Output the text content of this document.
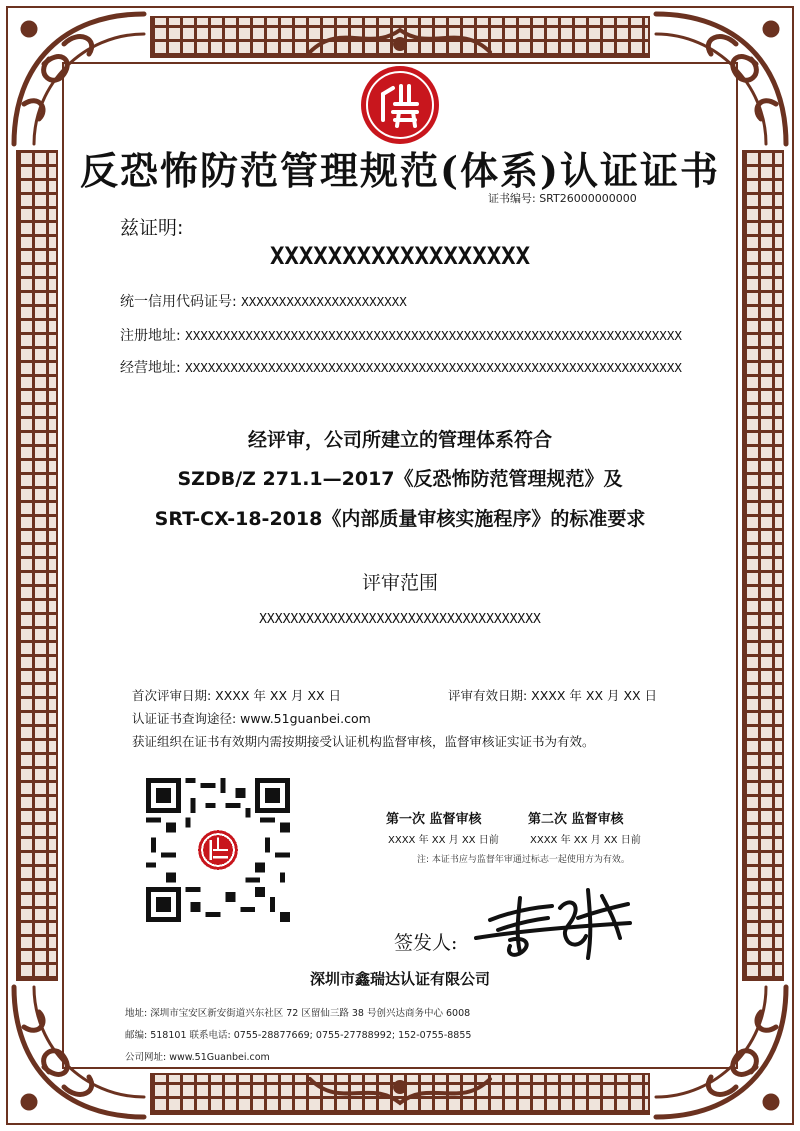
反恐怖防范管理规范(体系)认证证书
证书编号: SRT26000000000
兹证明:
XXXXXXXXXXXXXXXXXX
统一信用代码证号: XXXXXXXXXXXXXXXXXXXXXX
注册地址: XXXXXXXXXXXXXXXXXXXXXXXXXXXXXXXXXXXXXXXXXXXXXXXXXXXXXXXXXXXXXXXXXX
经营地址: XXXXXXXXXXXXXXXXXXXXXXXXXXXXXXXXXXXXXXXXXXXXXXXXXXXXXXXXXXXXXXXXXX
经评审，公司所建立的管理体系符合
SZDB/Z 271.1—2017《反恐怖防范管理规范》及
SRT-CX-18-2018《内部质量审核实施程序》的标准要求
评审范围
XXXXXXXXXXXXXXXXXXXXXXXXXXXXXXXXXXXX
首次评审日期: XXXX 年 XX 月 XX 日	评审有效日期: XXXX 年 XX 月 XX 日
认证证书查询途径: www.51guanbei.com
获证组织在证书有效期内需按期接受认证机构监督审核，监督审核证实证书为有效。
第一次 监督审核	第二次 监督审核
XXXX 年 XX 月 XX 日前	XXXX 年 XX 月 XX 日前
注: 本证书应与监督年审通过标志一起使用方为有效。
签发人:
深圳市鑫瑞达认证有限公司
地址: 深圳市宝安区新安街道兴东社区 72 区留仙三路 38 号创兴达商务中心 6008
邮编: 518101 联系电话: 0755-28877669; 0755-27788992; 152-0755-8855
公司网址: www.51Guanbei.com
